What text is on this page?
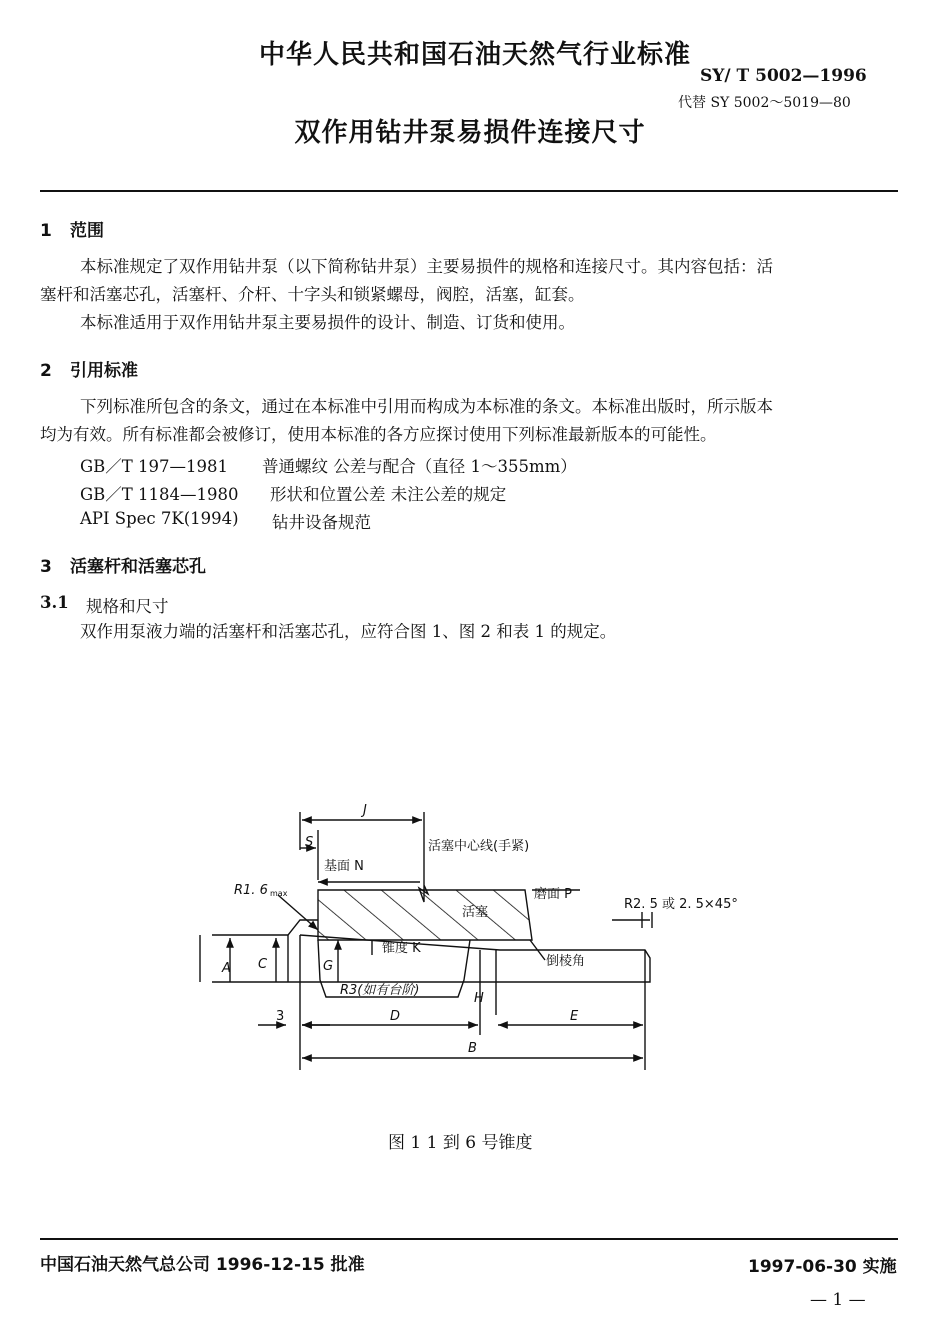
中华人民共和国石油天然气行业标准
SY/ T 5002—1996
代替 SY 5002～5019—80
双作用钻井泵易损件连接尺寸
1 范围
本标准规定了双作用钻井泵（以下简称钻井泵）主要易损件的规格和连接尺寸。其内容包括：活
塞杆和活塞芯孔，活塞杆、介杆、十字头和锁紧螺母，阀腔，活塞，缸套。
本标准适用于双作用钻井泵主要易损件的设计、制造、订货和使用。
2 引用标准
下列标准所包含的条文，通过在本标准中引用而构成为本标准的条文。本标准出版时，所示版本
均为有效。所有标准都会被修订，使用本标准的各方应探讨使用下列标准最新版本的可能性。
GB／T 197—1981 普通螺纹 公差与配合（直径 1～355mm）
GB／T 1184—1980 形状和位置公差 未注公差的规定
API Spec 7K(1994) 钻井设备规范
3 活塞杆和活塞芯孔
3.1 规格和尺寸
双作用泵液力端的活塞杆和活塞芯孔，应符合图 1、图 2 和表 1 的规定。
J
S
基面 N
活塞中心线(手紧)
R1. 6 max	磨面 P
R2. 5 或 2. 5×45°
活塞
锥度 K
倒棱角
A C	G
H
R3(如有台阶)
3	D	E
B
图 1 1 到 6 号锥度
中国石油天然气总公司 1996-12-15 批准	1997-06-30 实施
— 1 —
